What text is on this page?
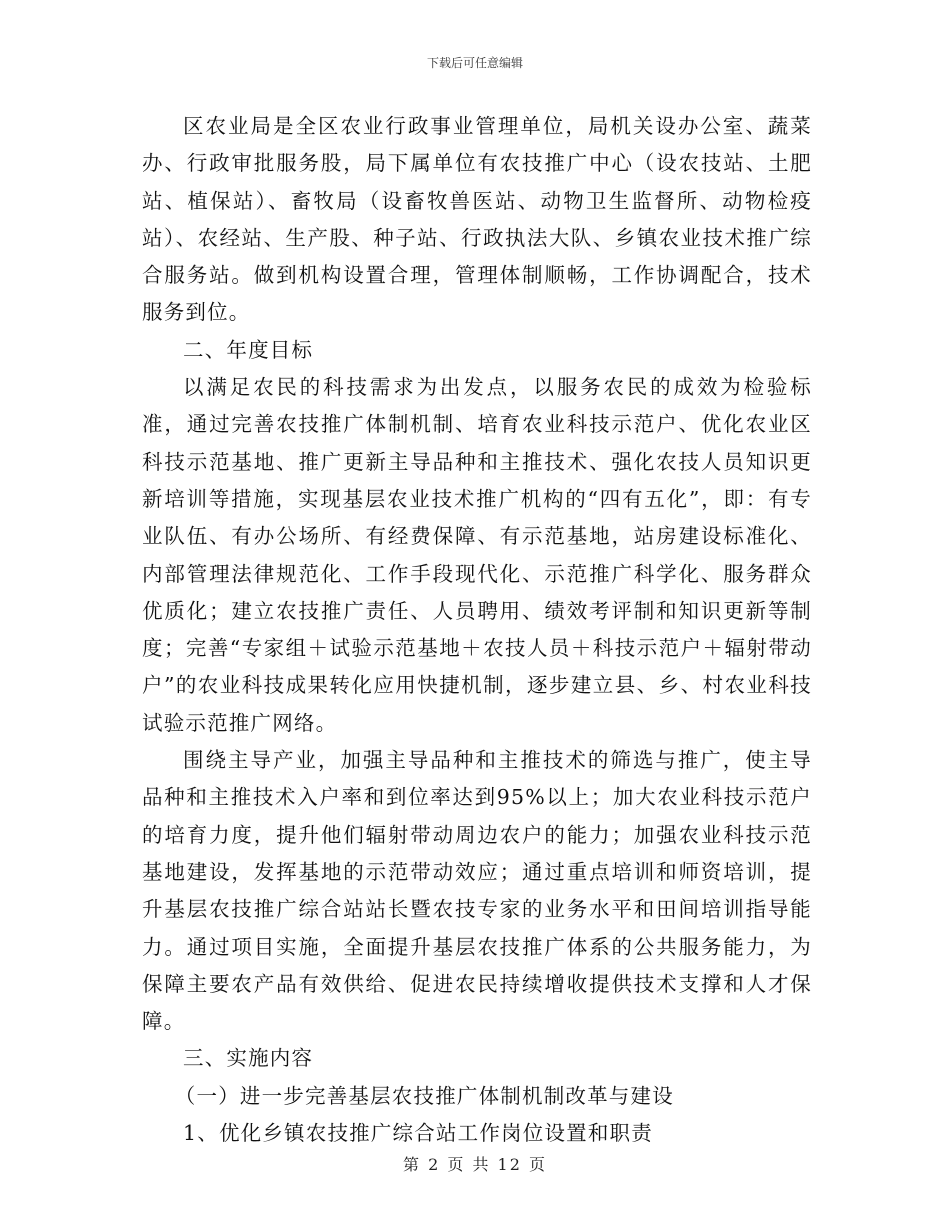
下载后可任意编辑

区农业局是全区农业行政事业管理单位，局机关设办公室、蔬菜办、行政审批服务股，局下属单位有农技推广中心（设农技站、土肥站、植保站）、畜牧局（设畜牧兽医站、动物卫生监督所、动物检疫站）、农经站、生产股、种子站、行政执法大队、乡镇农业技术推广综合服务站。做到机构设置合理，管理体制顺畅，工作协调配合，技术服务到位。

二、年度目标

以满足农民的科技需求为出发点，以服务农民的成效为检验标准，通过完善农技推广体制机制、培育农业科技示范户、优化农业区科技示范基地、推广更新主导品种和主推技术、强化农技人员知识更新培训等措施，实现基层农业技术推广机构的“四有五化”，即：有专业队伍、有办公场所、有经费保障、有示范基地，站房建设标准化、内部管理法律规范化、工作手段现代化、示范推广科学化、服务群众优质化；建立农技推广责任、人员聘用、绩效考评制和知识更新等制度；完善“专家组＋试验示范基地＋农技人员＋科技示范户＋辐射带动户”的农业科技成果转化应用快捷机制，逐步建立县、乡、村农业科技试验示范推广网络。

围绕主导产业，加强主导品种和主推技术的筛选与推广，使主导品种和主推技术入户率和到位率达到95%以上；加大农业科技示范户的培育力度，提升他们辐射带动周边农户的能力；加强农业科技示范基地建设，发挥基地的示范带动效应；通过重点培训和师资培训，提升基层农技推广综合站站长暨农技专家的业务水平和田间培训指导能力。通过项目实施，全面提升基层农技推广体系的公共服务能力，为保障主要农产品有效供给、促进农民持续增收提供技术支撑和人才保障。

三、实施内容

（一）进一步完善基层农技推广体制机制改革与建设

1、优化乡镇农技推广综合站工作岗位设置和职责

第 2 页 共 12 页
